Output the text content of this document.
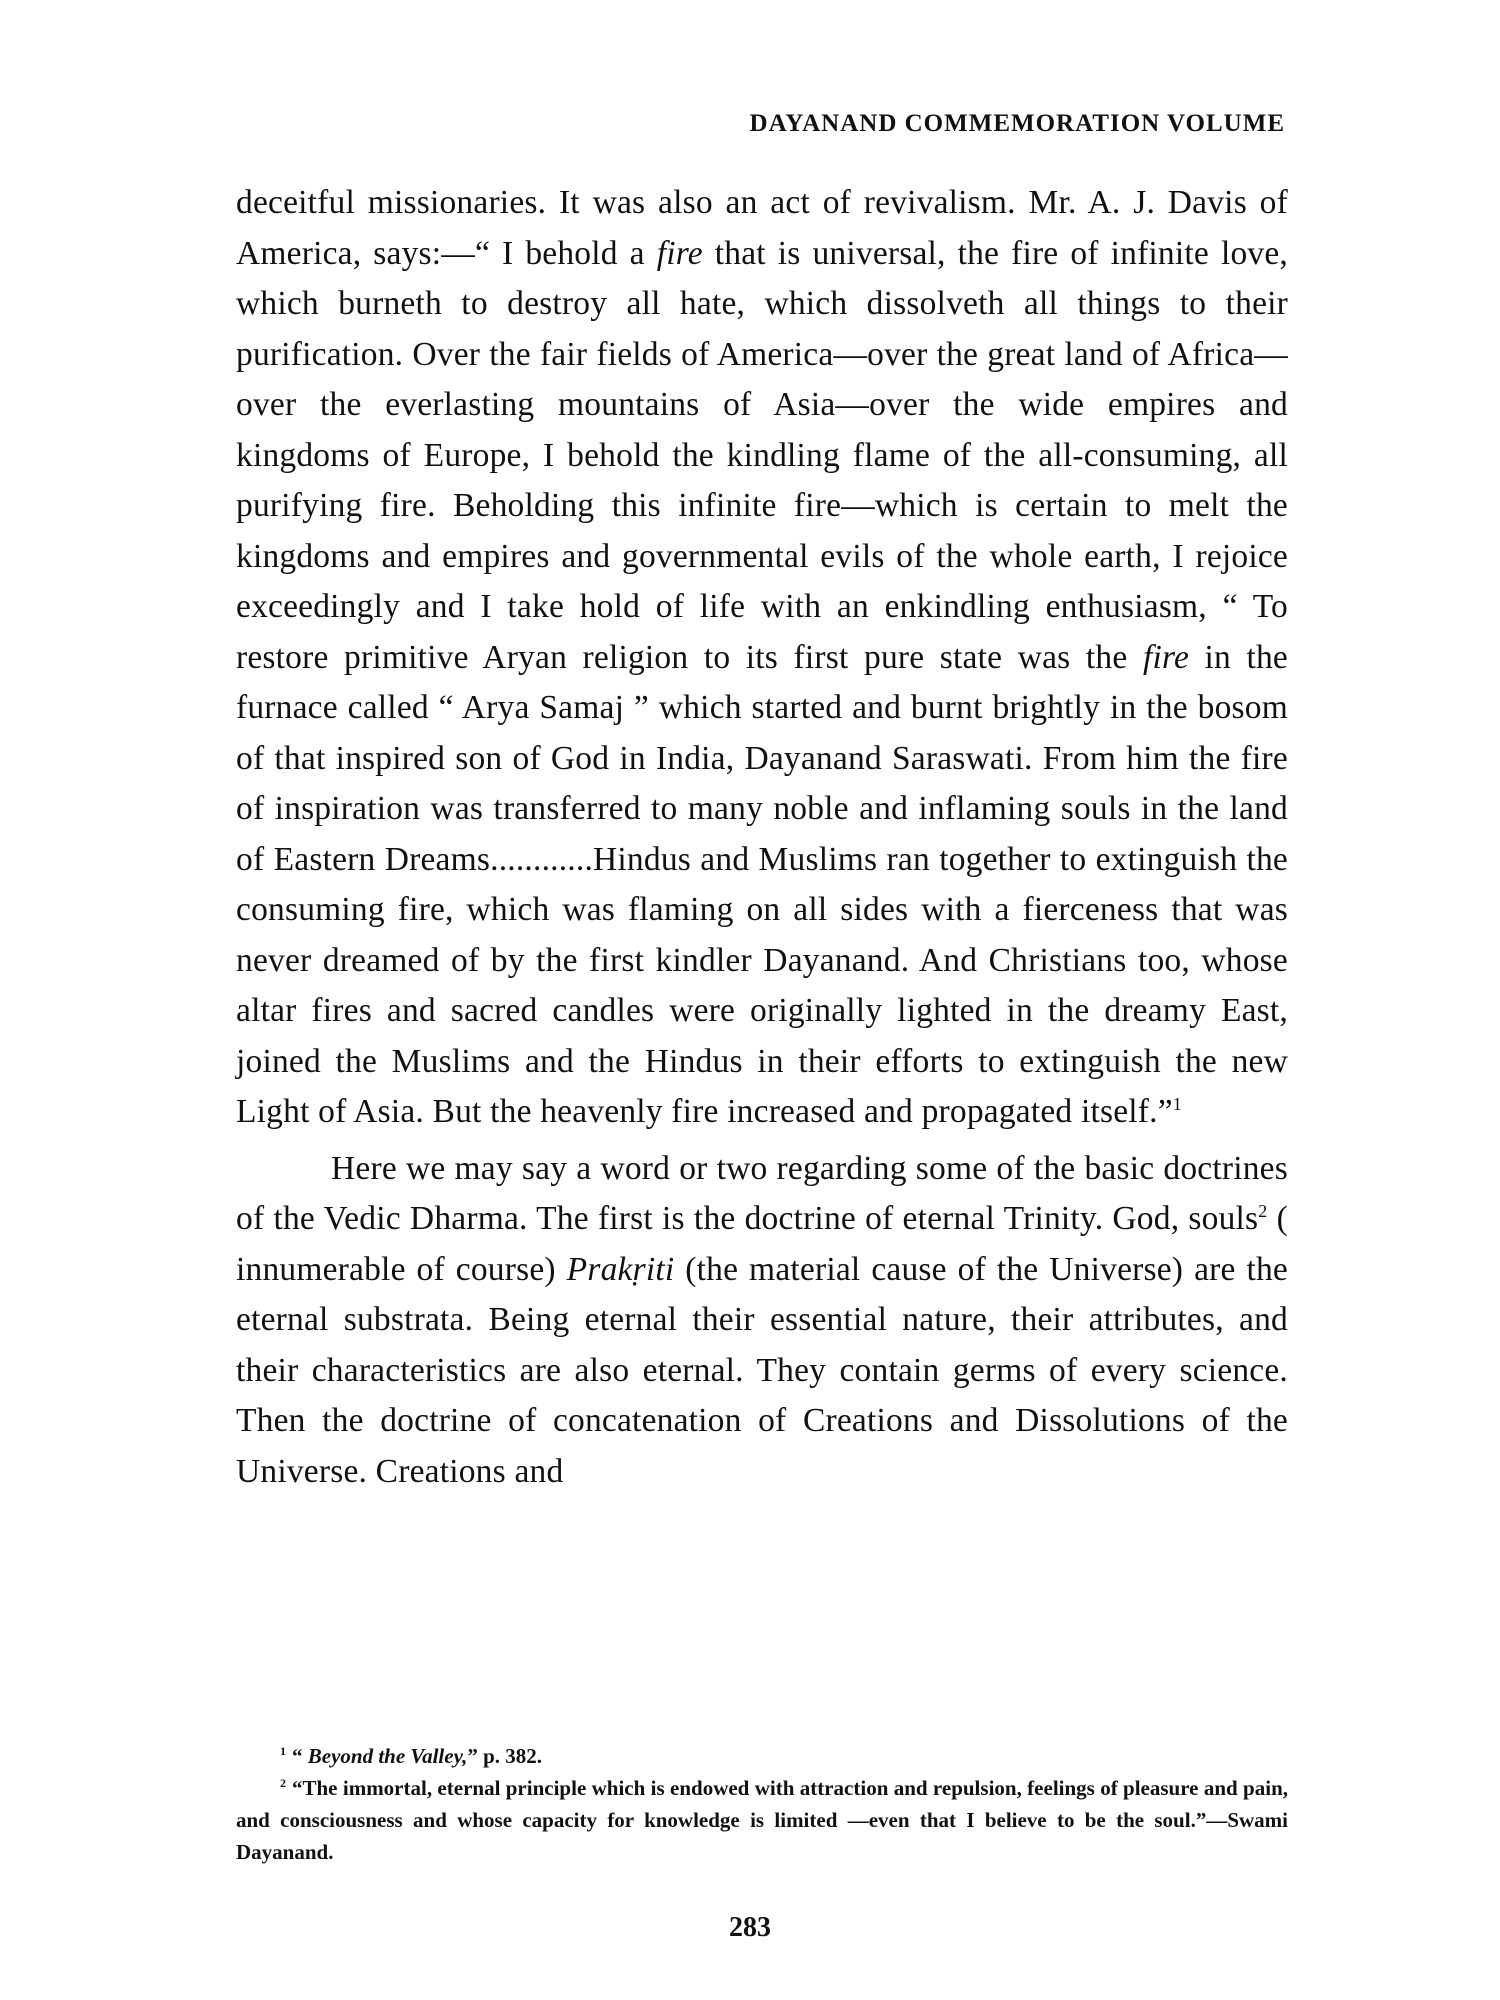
DAYANAND COMMEMORATION VOLUME

deceitful missionaries. It was also an act of revivalism. Mr. A. J. Davis of America, says:—“ I behold a fire that is universal, the fire of infinite love, which burneth to destroy all hate, which dissolveth all things to their purification. Over the fair fields of America—over the great land of Africa—over the everlasting mountains of Asia—over the wide empires and kingdoms of Europe, I behold the kindling flame of the all-consuming, all purifying fire. Beholding this infinite fire—which is certain to melt the kingdoms and empires and governmental evils of the whole earth, I rejoice exceedingly and I take hold of life with an enkindling enthusiasm, “ To restore primitive Aryan religion to its first pure state was the fire in the furnace called “ Arya Samaj ” which started and burnt brightly in the bosom of that inspired son of God in India, Dayanand Saraswati. From him the fire of inspiration was transferred to many noble and inflaming souls in the land of Eastern Dreams............Hindus and Muslims ran together to extinguish the consuming fire, which was flaming on all sides with a fierceness that was never dreamed of by the first kindler Dayanand. And Christians too, whose altar fires and sacred candles were originally lighted in the dreamy East, joined the Muslims and the Hindus in their efforts to extinguish the new Light of Asia. But the heavenly fire increased and propagated itself.”$^1$

Here we may say a word or two regarding some of the basic doctrines of the Vedic Dharma. The first is the doctrine of eternal Trinity. God, souls$^2$ ( innumerable of course) Prakṛiti (the material cause of the Universe) are the eternal substrata. Being eternal their essential nature, their attributes, and their characteristics are also eternal. They contain germs of every science. Then the doctrine of concatenation of Creations and Dissolutions of the Universe. Creations and

$^1$ “ Beyond the Valley,” p. 382.

$^2$ “The immortal, eternal principle which is endowed with attraction and repulsion, feelings of pleasure and pain, and consciousness and whose capacity for knowledge is limited —even that I believe to be the soul.”—Swami Dayanand.

283
